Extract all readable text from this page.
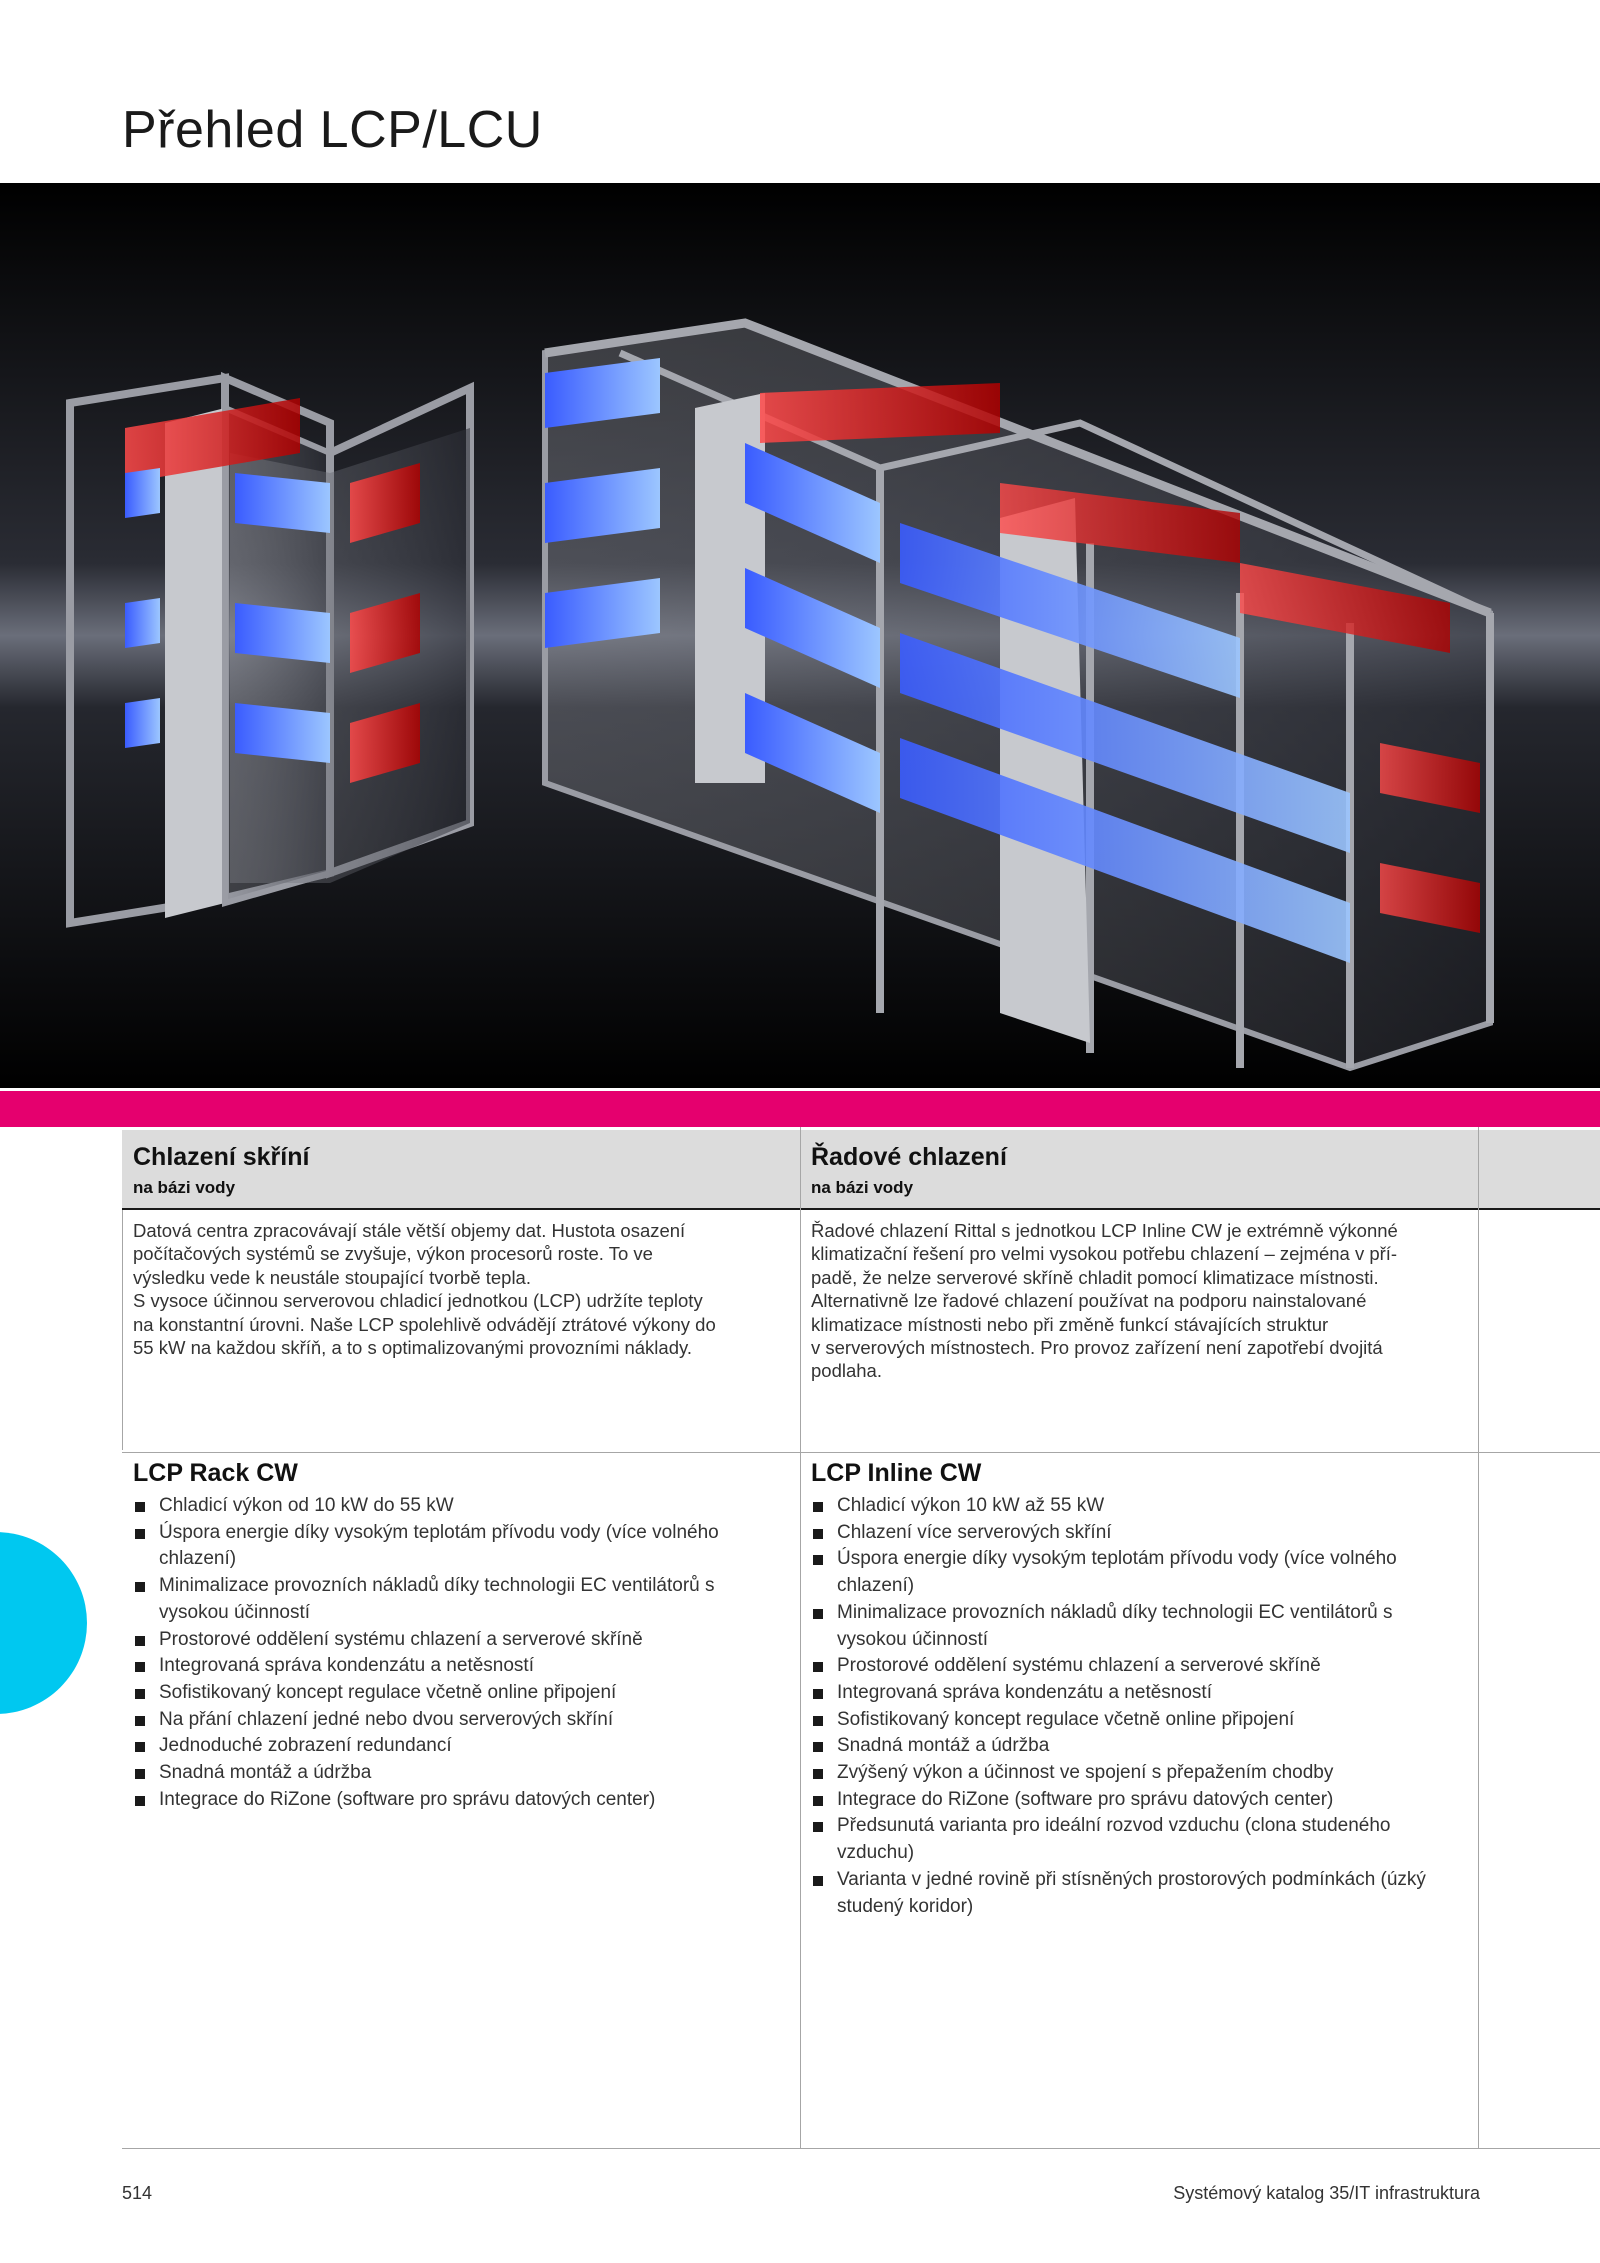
Přehled LCP/LCU
Chlazení skříní
na bázi vody
Řadové chlazení
na bázi vody
Datová centra zpracovávají stále větší objemy dat. Hustota osazení
počítačových systémů se zvyšuje, výkon procesorů roste. To ve
výsledku vede k neustále stoupající tvorbě tepla.
S vysoce účinnou serverovou chladicí jednotkou (LCP) udržíte teploty
na konstantní úrovni. Naše LCP spolehlivě odvádějí ztrátové výkony do
55 kW na každou skříň, a to s optimalizovanými provozními náklady.
Řadové chlazení Rittal s jednotkou LCP Inline CW je extrémně výkonné
klimatizační řešení pro velmi vysokou potřebu chlazení – zejména v pří-
padě, že nelze serverové skříně chladit pomocí klimatizace místnosti.
Alternativně lze řadové chlazení používat na podporu nainstalované
klimatizace místnosti nebo při změně funkcí stávajících struktur
v serverových místnostech. Pro provoz zařízení není zapotřebí dvojitá
podlaha.
LCP Rack CW	LCP Inline CW
Chladicí výkon od 10 kW do 55 kW
Úspora energie díky vysokým teplotám přívodu vody (více volného chlazení)
Minimalizace provozních nákladů díky technologii EC ventilátorů s vysokou účinností
Prostorové oddělení systému chlazení a serverové skříně
Integrovaná správa kondenzátu a netěsností
Sofistikovaný koncept regulace včetně online připojení
Na přání chlazení jedné nebo dvou serverových skříní
Jednoduché zobrazení redundancí
Snadná montáž a údržba
Integrace do RiZone (software pro správu datových center)
Chladicí výkon 10 kW až 55 kW
Chlazení více serverových skříní
Úspora energie díky vysokým teplotám přívodu vody (více volného chlazení)
Minimalizace provozních nákladů díky technologii EC ventilátorů s vysokou účinností
Prostorové oddělení systému chlazení a serverové skříně
Integrovaná správa kondenzátu a netěsností
Sofistikovaný koncept regulace včetně online připojení
Snadná montáž a údržba
Zvýšený výkon a účinnost ve spojení s přepažením chodby
Integrace do RiZone (software pro správu datových center)
Předsunutá varianta pro ideální rozvod vzduchu (clona studeného vzduchu)
Varianta v jedné rovině při stísněných prostorových podmínkách (úzký studený koridor)
514	Systémový katalog 35/IT infrastruktura
